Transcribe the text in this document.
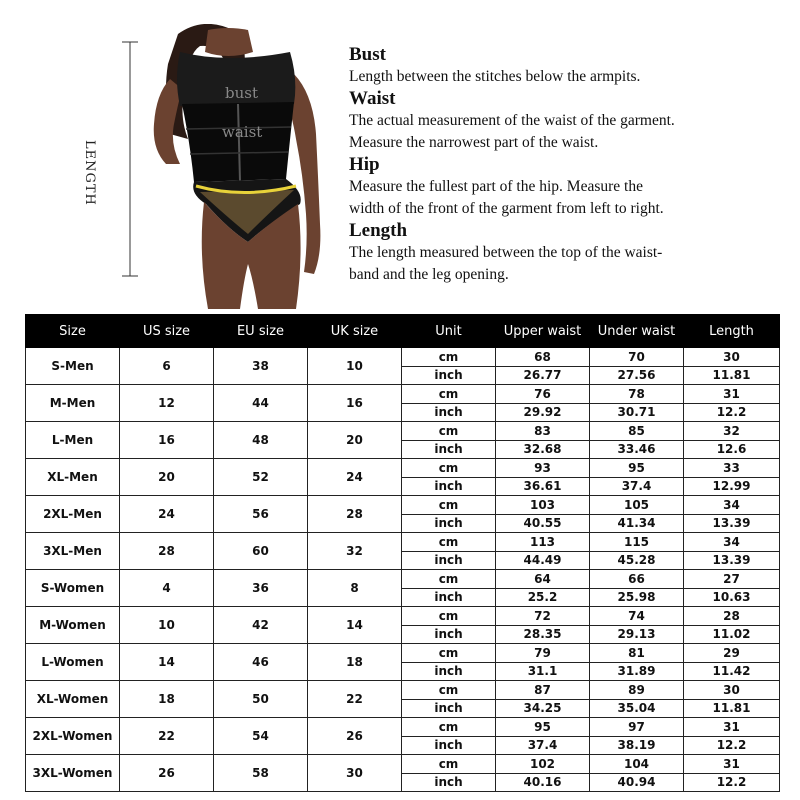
bust
waist
LENGTH
Bust
Length between the stitches below the armpits.
Waist
The actual measurement of the waist of the garment.
Measure the narrowest part of the waist.
Hip
Measure the fullest part of the hip. Measure the
width of the front of the garment from left to right.
Length
The length measured between the top of the waist-
band and the leg opening.
Size	US size	EU size	UK size	Unit	Upper waist	Under waist	Length
S-Men	6	38	10	cm	68	70	30
				inch	26.77	27.56	11.81
M-Men	12	44	16	cm	76	78	31
				inch	29.92	30.71	12.2
L-Men	16	48	20	cm	83	85	32
				inch	32.68	33.46	12.6
XL-Men	20	52	24	cm	93	95	33
				inch	36.61	37.4	12.99
2XL-Men	24	56	28	cm	103	105	34
				inch	40.55	41.34	13.39
3XL-Men	28	60	32	cm	113	115	34
				inch	44.49	45.28	13.39
S-Women	4	36	8	cm	64	66	27
				inch	25.2	25.98	10.63
M-Women	10	42	14	cm	72	74	28
				inch	28.35	29.13	11.02
L-Women	14	46	18	cm	79	81	29
				inch	31.1	31.89	11.42
XL-Women	18	50	22	cm	87	89	30
				inch	34.25	35.04	11.81
2XL-Women	22	54	26	cm	95	97	31
				inch	37.4	38.19	12.2
3XL-Women	26	58	30	cm	102	104	31
				inch	40.16	40.94	12.2
